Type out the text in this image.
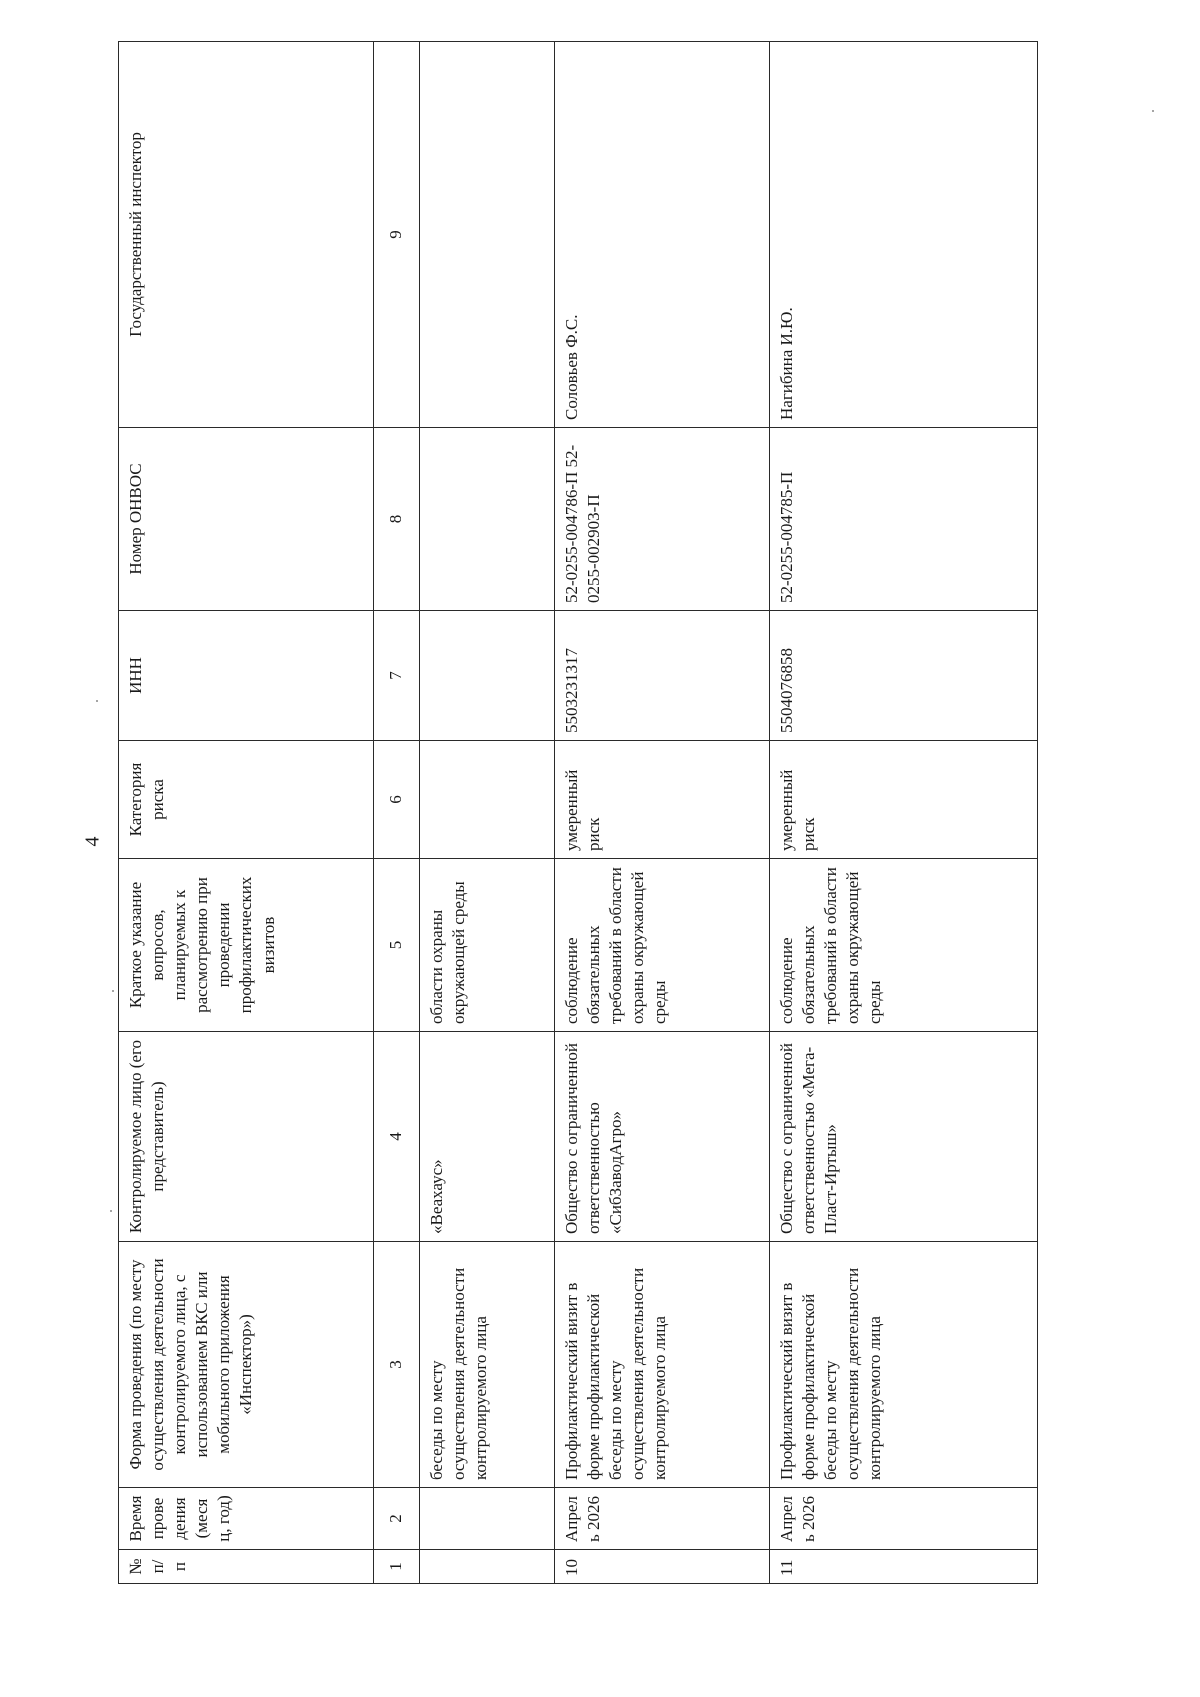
4
№ п/п	Время проведения (месяц, год)	Форма проведения (по месту осуществления деятельности контролируемого лица, с использованием ВКС или мобильного приложения «Инспектор»)	Контролируемое лицо (его представитель)	Краткое указание вопросов, планируемых к рассмотрению при проведении профилактических визитов	Категория риска	ИНН	Номер ОНВОС	Государственный инспектор
1	2	3	4	5	6	7	8	9
		беседы по месту осуществления деятельности контролируемого лица	«Веахаус»	области охраны окружающей среды				
10	Апрель 2026	Профилактический визит в форме профилактической беседы по месту осуществления деятельности контролируемого лица	Общество с ограниченной ответственностью «СибЗаводАгро»	соблюдение обязательных требований в области охраны окружающей среды	умеренный риск	5503231317	52-0255-004786-П 52-0255-002903-П	Соловьев Ф.С.
11	Апрель 2026	Профилактический визит в форме профилактической беседы по месту осуществления деятельности контролируемого лица	Общество с ограниченной ответственностью «Мега-Пласт-Иртыш»	соблюдение обязательных требований в области охраны окружающей среды	умеренный риск	5504076858	52-0255-004785-П	Нагибина И.Ю.
